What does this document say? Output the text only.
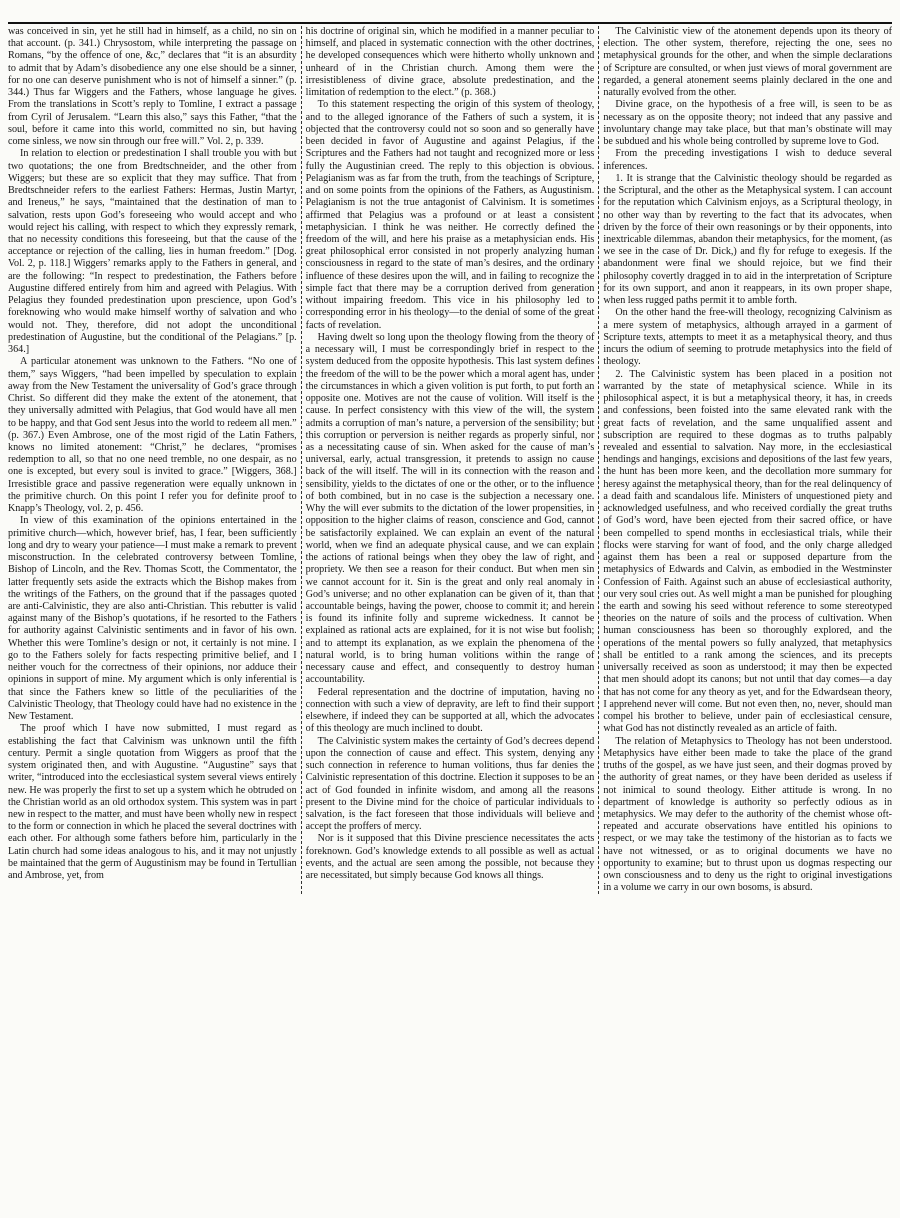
was conceived in sin, yet he still had in himself, as a child, no sin on that account. (p. 341.) Chrysostom, while interpreting the passage on Romans, “by the offence of one, &c,” declares that “it is an absurdity to admit that by Adam’s disobedience any one else should be a sinner, for no one can deserve punishment who is not of himself a sinner.” (p. 344.) Thus far Wiggers and the Fathers, whose language he gives. From the translations in Scott’s reply to Tomline, I extract a passage from Cyril of Jerusalem. “Learn this also,” says this Father, “that the soul, before it came into this world, committed no sin, but having come sinless, we now sin through our free will.” Vol. 2, p. 339.

In relation to election or predestination I shall trouble you with but two quotations; the one from Bredtschneider, and the other from Wiggers; but these are so explicit that they may suffice. That from Bredtschneider refers to the earliest Fathers: Hermas, Justin Martyr, and Ireneus,” he says, “maintained that the destination of man to salvation, rests upon God’s foreseeing who would accept and who would reject his calling, with respect to which they expressly remark, that no necessity conditions this foreseeing, but that the cause of the acceptance or rejection of the calling, lies in human freedom.” [Dog. Vol. 2, p. 118.] Wiggers’ remarks apply to the Fathers in general, and are the following: “In respect to predestination, the Fathers before Augustine differed entirely from him and agreed with Pelagius. With Pelagius they founded predestination upon prescience, upon God’s foreknowing who would make himself worthy of salvation and who would not. They, therefore, did not adopt the unconditional predestination of Augustine, but the conditional of the Pelagians.” [p. 364.]

A particular atonement was unknown to the Fathers. “No one of them,” says Wiggers, “had been impelled by speculation to explain away from the New Testament the universality of God’s grace through Christ. So different did they make the extent of the atonement, that they universally admitted with Pelagius, that God would have all men to be happy, and that God sent Jesus into the world to redeem all men.” (p. 367.) Even Ambrose, one of the most rigid of the Latin Fathers, knows no limited atonement: “Christ,” he declares, “promises redemption to all, so that no one need tremble, no one despair, as no one is excepted, but every soul is invited to grace.” [Wiggers, 368.] Irresistible grace and passive regeneration were equally unknown in the primitive church. On this point I refer you for definite proof to Knapp’s Theology, vol. 2, p. 456.

In view of this examination of the opinions entertained in the primitive church—which, however brief, has, I fear, been sufficiently long and dry to weary your patience—I must make a remark to prevent misconstruction. In the celebrated controversy between Tomline, Bishop of Lincoln, and the Rev. Thomas Scott, the Commentator, the latter frequently sets aside the extracts which the Bishop makes from the writings of the Fathers, on the ground that if the passages quoted are anti-Calvinistic, they are also anti-Christian. This rebutter is valid against many of the Bishop’s quotations, if he resorted to the Fathers for authority against Calvinistic sentiments and in favor of his own. Whether this were Tomline’s design or not, it certainly is not mine. I go to the Fathers solely for facts respecting primitive belief, and I neither vouch for the correctness of their opinions, nor adduce their opinions in support of mine. My argument which is only inferential is that since the Fathers knew so little of the peculiarities of the Calvinistic Theology, that Theology could have had no existence in the New Testament.

The proof which I have now submitted, I must regard as establishing the fact that Calvinism was unknown until the fifth century. Permit a single quotation from Wiggers as proof that the system originated then, and with Augustine. “Augustine” says that writer, “introduced into the ecclesiastical system several views entirely new. He was properly the first to set up a system which he obtruded on the Christian world as an old orthodox system. This system was in part new in respect to the matter, and must have been wholly new in respect to the form or connection in which he placed the several doctrines with each other. For although some fathers before him, particularly in the Latin church had some ideas analogous to his, and it may not unjustly be maintained that the germ of Augustinism may be found in Tertullian and Ambrose, yet, from

his doctrine of original sin, which he modified in a manner peculiar to himself, and placed in systematic connection with the other doctrines, he developed consequences which were hitherto wholly unknown and unheard of in the Christian church. Among them were the irresistibleness of divine grace, absolute predestination, and the limitation of redemption to the elect.” (p. 368.)

To this statement respecting the origin of this system of theology, and to the alleged ignorance of the Fathers of such a system, it is objected that the controversy could not so soon and so generally have been decided in favor of Augustine and against Pelagius, if the Scriptures and the Fathers had not taught and recognized more or less fully the Augustinian creed. The reply to this objection is obvious. Pelagianism was as far from the truth, from the teachings of Scripture, and on some points from the opinions of the Fathers, as Augustinism. Pelagianism is not the true antagonist of Calvinism. It is sometimes affirmed that Pelagius was a profound or at least a consistent metaphysician. I think he was neither. He correctly defined the freedom of the will, and here his praise as a metaphysician ends. His great philosophical error consisted in not properly analyzing human consciousness in regard to the state of man’s desires, and the ordinary influence of these desires upon the will, and in failing to recognize the simple fact that there may be a corruption derived from generation without impairing freedom. This vice in his philosophy led to corresponding error in his theology—to the denial of some of the great facts of revelation.

Having dwelt so long upon the theology flowing from the theory of a necessary will, I must be correspondingly brief in respect to the system deduced from the opposite hypothesis. This last system defines the freedom of the will to be the power which a moral agent has, under the circumstances in which a given volition is put forth, to put forth an opposite one. Motives are not the cause of volition. Will itself is the cause. In perfect consistency with this view of the will, the system admits a corruption of man’s nature, a perversion of the sensibility; but this corruption or perversion is neither regards as properly sinful, nor as a necessitating cause of sin. When asked for the cause of man’s universal, early, actual transgression, it pretends to assign no cause back of the will itself. The will in its connection with the reason and sensibility, yields to the dictates of one or the other, or to the influence of both combined, but in no case is the subjection a necessary one. Why the will ever submits to the dictation of the lower propensities, in opposition to the higher claims of reason, conscience and God, cannot be satisfactorily explained. We can explain an event of the natural world, when we find an adequate physical cause, and we can explain the actions of rational beings when they obey the law of right, and propriety. We then see a reason for their conduct. But when men sin we cannot account for it. Sin is the great and only real anomaly in God’s universe; and no other explanation can be given of it, than that accountable beings, having the power, choose to commit it; and herein is found its infinite folly and supreme wickedness. It cannot be explained as rational acts are explained, for it is not wise but foolish; and to attempt its explanation, as we explain the phenomena of the natural world, is to bring human volitions within the range of necessary cause and effect, and consequently to destroy human accountability.

Federal representation and the doctrine of imputation, having no connection with such a view of depravity, are left to find their support elsewhere, if indeed they can be supported at all, which the advocates of this theology are much inclined to doubt.

The Calvinistic system makes the certainty of God’s decrees depend upon the connection of cause and effect. This system, denying any such connection in reference to human volitions, thus far denies the Calvinistic representation of this doctrine. Election it supposes to be an act of God founded in infinite wisdom, and among all the reasons present to the Divine mind for the choice of particular individuals to salvation, is the fact foreseen that those individuals will believe and accept the proffers of mercy.

Nor is it supposed that this Divine prescience necessitates the acts foreknown. God’s knowledge extends to all possible as well as actual events, and the actual are seen among the possible, not because they are necessitated, but simply because God knows all things.

The Calvinistic view of the atonement depends upon its theory of election. The other system, therefore, rejecting the one, sees no metaphysical grounds for the other, and when the simple declarations of Scripture are consulted, or when just views of moral government are regarded, a general atonement seems plainly declared in the one and naturally evolved from the other.

Divine grace, on the hypothesis of a free will, is seen to be as necessary as on the opposite theory; not indeed that any passive and involuntary change may take place, but that man’s obstinate will may be subdued and his whole being controlled by supreme love to God.

From the preceding investigations I wish to deduce several inferences.

1. It is strange that the Calvinistic theology should be regarded as the Scriptural, and the other as the Metaphysical system. I can account for the reputation which Calvinism enjoys, as a Scriptural theology, in no other way than by reverting to the fact that its advocates, when driven by the force of their own reasonings or by their opponents, into inextricable dilemmas, abandon their metaphysics, for the moment, (as we see in the case of Dr. Dick,) and fly for refuge to exegesis. If the abandonment were final we should rejoice, but we find their philosophy covertly dragged in to aid in the interpretation of Scripture for its own support, and anon it reappears, in its own proper shape, when less rugged paths permit it to amble forth.

On the other hand the free-will theology, recognizing Calvinism as a mere system of metaphysics, although arrayed in a garment of Scripture texts, attempts to meet it as a metaphysical theory, and thus incurs the odium of seeming to protrude metaphysics into the field of theology.

2. The Calvinistic system has been placed in a position not warranted by the state of metaphysical science. While in its philosophical aspect, it is but a metaphysical theory, it has, in creeds and confessions, been foisted into the same elevated rank with the great facts of revelation, and the same unqualified assent and subscription are required to these dogmas as to truths palpably revealed and essential to salvation. Nay more, in the ecclesiastical hendings and hangings, excisions and depositions of the last few years, the hunt has been more keen, and the decollation more summary for heresy against the metaphysical theory, than for the real delinquency of a dead faith and scandalous life. Ministers of unquestioned piety and acknowledged usefulness, and who received cordially the great truths of God’s word, have been ejected from their sacred office, or have been compelled to spend months in ecclesiastical trials, while their flocks were starving for want of food, and the only charge alledged against them has been a real or supposed departure from the metaphysics of Edwards and Calvin, as embodied in the Westminster Confession of Faith. Against such an abuse of ecclesiastical authority, our very soul cries out. As well might a man be punished for ploughing the earth and sowing his seed without reference to some stereotyped theories on the nature of soils and the process of cultivation. When human consciousness has been so thoroughly explored, and the operations of the mental powers so fully analyzed, that metaphysics shall be entitled to a rank among the sciences, and its precepts universally received as soon as understood; it may then be expected that men should adopt its canons; but not until that day comes—a day that has not come for any theory as yet, and for the Edwardsean theory, I apprehend never will come. But not even then, no, never, should man compel his brother to believe, under pain of ecclesiastical censure, what God has not distinctly revealed as an article of faith.

The relation of Metaphysics to Theology has not been understood. Metaphysics have either been made to take the place of the grand truths of the gospel, as we have just seen, and their dogmas proved by the authority of great names, or they have been derided as useless if not inimical to sound theology. Either attitude is wrong. In no department of knowledge is authority so perfectly odious as in metaphysics. We may defer to the authority of the chemist whose oft-repeated and accurate observations have entitled his opinions to respect, or we may take the testimony of the historian as to facts we have not witnessed, or as to original documents we have no opportunity to examine; but to thrust upon us dogmas respecting our own consciousness and to deny us the right to original investigations in a volume we carry in our own bosoms, is absurd.
